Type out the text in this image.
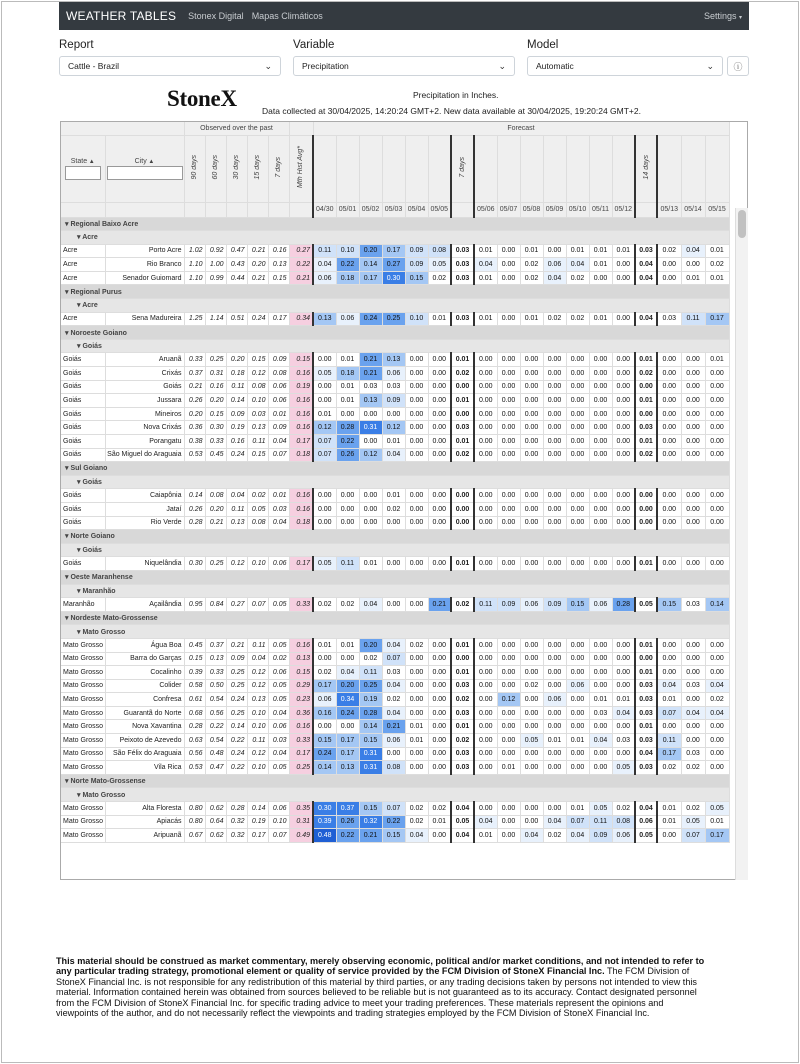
WEATHER TABLES Stonex Digital Mapas Climáticos	Settings ▾
Report
Cattle - Brazil	⌄
Variable
Precipitation	⌄
Model
Automatic	⌄ ⓘ
StoneX	Precipitation in Inches.
Data collected at 30/04/2025, 14:20:24 GMT+2. New data available at 30/04/2025, 19:20:24 GMT+2.
		Observed over the past						Forecast																	
State ▲	City ▲	90 days	60 days	30 days	15 days	7 days	Mth Hist Avg*							7 days								14 days			
								04/30	05/01	05/02	05/03	05/04	05/05		05/06	05/07	05/08	05/09	05/10	05/11	05/12		05/13	05/14	05/15
▾ Regional Baixo Acre																									
▾ Acre																									
Acre	Porto Acre	1.02	0.92	0.47	0.21	0.16	0.27	0.11	0.10	0.20	0.17	0.09	0.08	0.03	0.01	0.00	0.01	0.00	0.01	0.01	0.01	0.03	0.02	0.04	0.01
Acre	Rio Branco	1.10	1.00	0.43	0.20	0.13	0.22	0.04	0.22	0.14	0.27	0.09	0.05	0.03	0.04	0.00	0.02	0.06	0.04	0.01	0.00	0.04	0.00	0.00	0.02
Acre	Senador Guiomard	1.10	0.99	0.44	0.21	0.15	0.21	0.06	0.18	0.17	0.30	0.15	0.02	0.03	0.01	0.00	0.02	0.04	0.02	0.00	0.00	0.04	0.00	0.01	0.01
▾ Regional Purus																									
▾ Acre																									
Acre	Sena Madureira	1.25	1.14	0.51	0.24	0.17	0.34	0.13	0.06	0.24	0.25	0.10	0.01	0.03	0.01	0.00	0.01	0.02	0.02	0.01	0.00	0.04	0.03	0.11	0.17
▾ Noroeste Goiano																									
▾ Goiás																									
Goiás	Aruanã	0.33	0.25	0.20	0.15	0.09	0.15	0.00	0.01	0.21	0.13	0.00	0.00	0.01	0.00	0.00	0.00	0.00	0.00	0.00	0.00	0.01	0.00	0.00	0.01
Goiás	Crixás	0.37	0.31	0.18	0.12	0.08	0.16	0.05	0.18	0.21	0.06	0.00	0.00	0.02	0.00	0.00	0.00	0.00	0.00	0.00	0.00	0.02	0.00	0.00	0.00
Goiás	Goiás	0.21	0.16	0.11	0.08	0.06	0.19	0.00	0.01	0.03	0.03	0.00	0.00	0.00	0.00	0.00	0.00	0.00	0.00	0.00	0.00	0.00	0.00	0.00	0.00
Goiás	Jussara	0.26	0.20	0.14	0.10	0.06	0.16	0.00	0.01	0.13	0.09	0.00	0.00	0.01	0.00	0.00	0.00	0.00	0.00	0.00	0.00	0.01	0.00	0.00	0.00
Goiás	Mineiros	0.20	0.15	0.09	0.03	0.01	0.16	0.01	0.00	0.00	0.00	0.00	0.00	0.00	0.00	0.00	0.00	0.00	0.00	0.00	0.00	0.00	0.00	0.00	0.00
Goiás	Nova Crixás	0.36	0.30	0.19	0.13	0.09	0.16	0.12	0.28	0.31	0.12	0.00	0.00	0.03	0.00	0.00	0.00	0.00	0.00	0.00	0.00	0.03	0.00	0.00	0.00
Goiás	Porangatu	0.38	0.33	0.16	0.11	0.04	0.17	0.07	0.22	0.00	0.01	0.00	0.00	0.01	0.00	0.00	0.00	0.00	0.00	0.00	0.00	0.01	0.00	0.00	0.00
Goiás	São Miguel do Araguaia	0.53	0.45	0.24	0.15	0.07	0.18	0.07	0.26	0.12	0.04	0.00	0.00	0.02	0.00	0.00	0.00	0.00	0.00	0.00	0.00	0.02	0.00	0.00	0.00
▾ Sul Goiano																									
▾ Goiás																									
Goiás	Caiapônia	0.14	0.08	0.04	0.02	0.01	0.16	0.00	0.00	0.00	0.01	0.00	0.00	0.00	0.00	0.00	0.00	0.00	0.00	0.00	0.00	0.00	0.00	0.00	0.00
Goiás	Jataí	0.26	0.20	0.11	0.05	0.03	0.16	0.00	0.00	0.00	0.02	0.00	0.00	0.00	0.00	0.00	0.00	0.00	0.00	0.00	0.00	0.00	0.00	0.00	0.00
Goiás	Rio Verde	0.28	0.21	0.13	0.08	0.04	0.18	0.00	0.00	0.00	0.00	0.00	0.00	0.00	0.00	0.00	0.00	0.00	0.00	0.00	0.00	0.00	0.00	0.00	0.00
▾ Norte Goiano																									
▾ Goiás																									
Goiás	Niquelândia	0.30	0.25	0.12	0.10	0.06	0.17	0.05	0.11	0.01	0.00	0.00	0.00	0.01	0.00	0.00	0.00	0.00	0.00	0.00	0.00	0.01	0.00	0.00	0.00
▾ Oeste Maranhense																									
▾ Maranhão																									
Maranhão	Açailândia	0.95	0.84	0.27	0.07	0.05	0.33	0.02	0.02	0.04	0.00	0.00	0.21	0.02	0.11	0.09	0.06	0.09	0.15	0.06	0.28	0.05	0.15	0.03	0.14
▾ Nordeste Mato-Grossense																									
▾ Mato Grosso																									
Mato Grosso	Água Boa	0.45	0.37	0.21	0.11	0.05	0.16	0.01	0.01	0.20	0.04	0.02	0.00	0.01	0.00	0.00	0.00	0.00	0.00	0.00	0.00	0.01	0.00	0.00	0.00
Mato Grosso	Barra do Garças	0.15	0.13	0.09	0.04	0.02	0.13	0.00	0.00	0.02	0.07	0.00	0.00	0.00	0.00	0.00	0.00	0.00	0.00	0.00	0.00	0.00	0.00	0.00	0.00
Mato Grosso	Cocalinho	0.39	0.33	0.25	0.12	0.06	0.15	0.02	0.04	0.11	0.03	0.00	0.00	0.01	0.00	0.00	0.00	0.00	0.00	0.00	0.00	0.01	0.00	0.00	0.00
Mato Grosso	Colider	0.58	0.50	0.25	0.12	0.05	0.29	0.17	0.20	0.25	0.04	0.00	0.00	0.03	0.00	0.00	0.02	0.00	0.06	0.00	0.00	0.03	0.04	0.03	0.04
Mato Grosso	Confresa	0.61	0.54	0.24	0.13	0.05	0.23	0.06	0.34	0.19	0.02	0.00	0.00	0.02	0.00	0.12	0.00	0.06	0.00	0.01	0.01	0.03	0.01	0.00	0.02
Mato Grosso	Guarantã do Norte	0.68	0.56	0.25	0.10	0.04	0.36	0.16	0.24	0.28	0.04	0.00	0.00	0.03	0.00	0.00	0.00	0.00	0.00	0.03	0.04	0.03	0.07	0.04	0.04
Mato Grosso	Nova Xavantina	0.28	0.22	0.14	0.10	0.06	0.16	0.00	0.00	0.14	0.21	0.01	0.00	0.01	0.00	0.00	0.00	0.00	0.00	0.00	0.00	0.01	0.00	0.00	0.00
Mato Grosso	Peixoto de Azevedo	0.63	0.54	0.22	0.11	0.03	0.33	0.15	0.17	0.15	0.06	0.01	0.00	0.02	0.00	0.00	0.05	0.01	0.01	0.04	0.03	0.03	0.11	0.00	0.00
Mato Grosso	São Félix do Araguaia	0.56	0.48	0.24	0.12	0.04	0.17	0.24	0.17	0.31	0.00	0.00	0.00	0.03	0.00	0.00	0.00	0.00	0.00	0.00	0.00	0.04	0.17	0.03	0.00
Mato Grosso	Vila Rica	0.53	0.47	0.22	0.10	0.05	0.25	0.14	0.13	0.31	0.08	0.00	0.00	0.03	0.00	0.01	0.00	0.00	0.00	0.00	0.05	0.03	0.02	0.02	0.00
▾ Norte Mato-Grossense																									
▾ Mato Grosso																									
Mato Grosso	Alta Floresta	0.80	0.62	0.28	0.14	0.06	0.35	0.30	0.37	0.15	0.07	0.02	0.02	0.04	0.00	0.00	0.00	0.00	0.01	0.05	0.02	0.04	0.01	0.02	0.05
Mato Grosso	Apiacás	0.80	0.64	0.32	0.19	0.10	0.31	0.39	0.26	0.32	0.22	0.02	0.01	0.05	0.04	0.00	0.00	0.04	0.07	0.11	0.08	0.06	0.01	0.05	0.01
Mato Grosso	Aripuanã	0.67	0.62	0.32	0.17	0.07	0.49	0.48	0.22	0.21	0.15	0.04	0.00	0.04	0.01	0.00	0.04	0.02	0.04	0.09	0.06	0.05	0.00	0.07	0.17
This material should be construed as market commentary, merely observing economic, political and/or market conditions, and not intended to refer to any particular trading strategy, promotional element or quality of service provided by the FCM Division of StoneX Financial Inc. The FCM Division of StoneX Financial Inc. is not responsible for any redistribution of this material by third parties, or any trading decisions taken by persons not intended to view this material. Information contained herein was obtained from sources believed to be reliable but is not guaranteed as to its accuracy. Contact designated personnel from the FCM Division of StoneX Financial Inc. for specific trading advice to meet your trading preferences. These materials represent the opinions and viewpoints of the author, and do not necessarily reflect the viewpoints and trading strategies employed by the FCM Division of StoneX Financial Inc.
